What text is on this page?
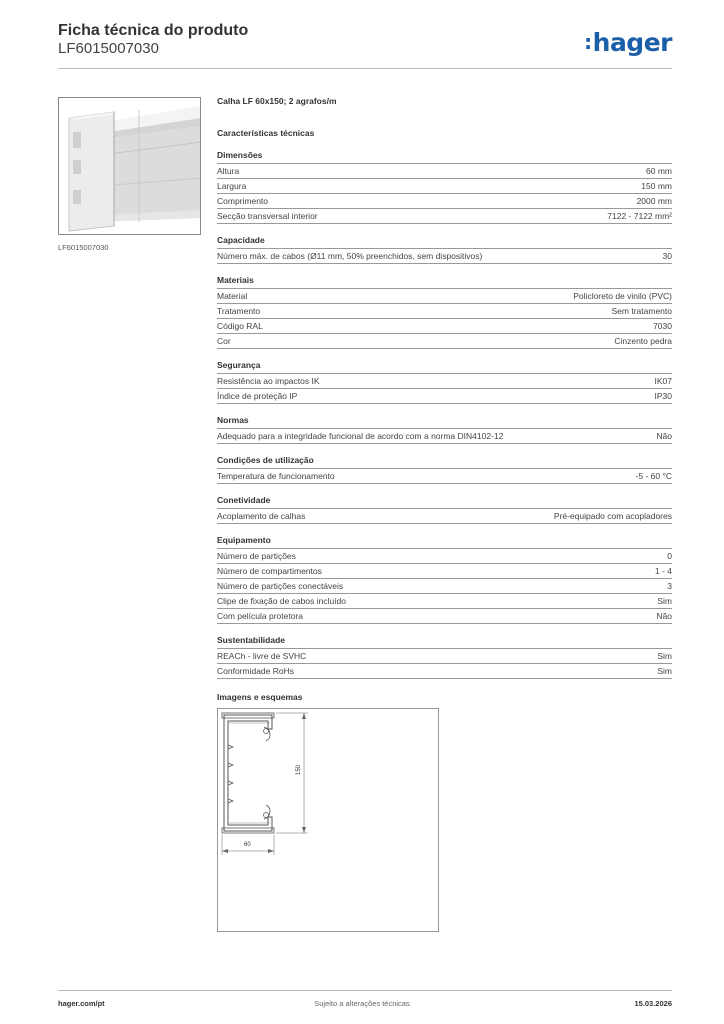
Ficha técnica do produto
LF6015007030	:hager
LF6015007030
Calha LF 60x150; 2 agrafos/m
Características técnicas
Dimensões
Altura	60 mm
Largura	150 mm
Comprimento	2000 mm
Secção transversal interior	7122 - 7122 mm²
Capacidade
Número máx. de cabos (Ø11 mm, 50% preenchidos, sem dispositivos)	30
Materiais
Material	Policloreto de vinilo (PVC)
Tratamento	Sem tratamento
Código RAL	7030
Cor	Cinzento pedra
Segurança
Resistência ao impactos IK	IK07
Índice de proteção IP	IP30
Normas
Adequado para a integridade funcional de acordo com a norma DIN4102-12	Não
Condições de utilização
Temperatura de funcionamento	-5 - 60 °C
Conetividade
Acoplamento de calhas	Pré-equipado com acopladores
Equipamento
Número de partições	0
Número de compartimentos	1 - 4
Número de partições conectáveis	3
Clipe de fixação de cabos incluído	Sim
Com película protetora	Não
Sustentabilidade
REACh - livre de SVHC	Sim
Conformidade RoHs	Sim
Imagens e esquemas
150
60
hager.com/pt	Sujeito a alterações técnicas	15.03.2026
